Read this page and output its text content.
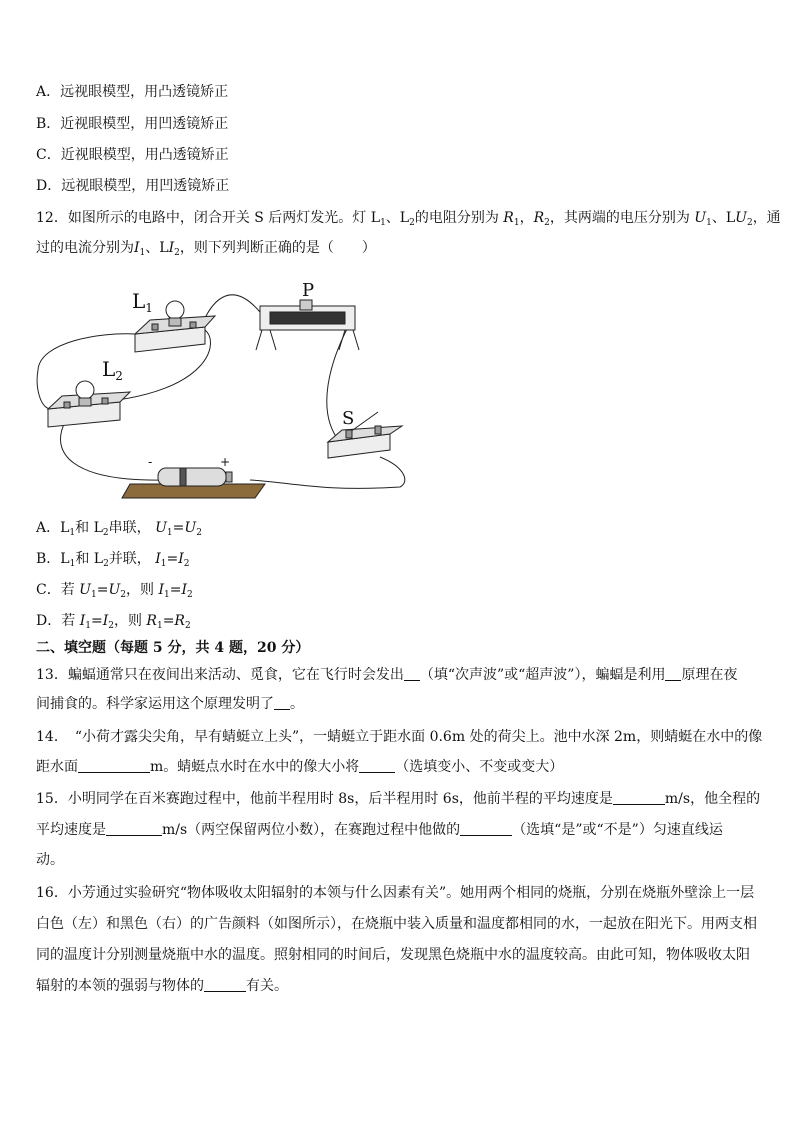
A．远视眼模型，用凸透镜矫正
B．近视眼模型，用凹透镜矫正
C．近视眼模型，用凸透镜矫正
D．远视眼模型，用凹透镜矫正
12．如图所示的电路中，闭合开关 S 后两灯发光。灯 $L_1$、$L_2$的电阻分别为 $R_1$，$R_2$，其两端的电压分别为 $U_1$、$LU_2$，通
过的电流分别为$I_1$、$LI_2$，则下列判断正确的是（　　）
$L_1$
$L_2$
P
S
-	+
A．$L_1$和 $L_2$串联， $U_1=U_2$
B．$L_1$和 $L_2$并联， $I_1=I_2$
C．若 $U_1=U_2$，则 $I_1=I_2$
D．若 $I_1=I_2$，则 $R_1=R_2$
二、填空题（每题 5 分，共 4 题，20 分）
13．蝙蝠通常只在夜间出来活动、觅食，它在飞行时会发出 （填“次声波”或“超声波”），蝙蝠是利用 原理在夜
间捕食的。科学家运用这个原理发明了 。
14．　“小荷才露尖尖角，早有蜻蜓立上头”，一蜻蜓立于距水面 0.6m 处的荷尖上。池中水深 2m，则蜻蜓在水中的像
距水面	m。蜻蜓点水时在水中的像大小将	（选填变小、不变或变大）
15．小明同学在百米赛跑过程中，他前半程用时 8s，后半程用时 6s，他前半程的平均速度是	m/s，他全程的
平均速度是	m/s（两空保留两位小数），在赛跑过程中他做的	（选填“是”或“不是”）匀速直线运
动。
16．小芳通过实验研究“物体吸收太阳辐射的本领与什么因素有关”。她用两个相同的烧瓶，分别在烧瓶外壁涂上一层
白色（左）和黑色（右）的广告颜料（如图所示），在烧瓶中装入质量和温度都相同的水，一起放在阳光下。用两支相
同的温度计分别测量烧瓶中水的温度。照射相同的时间后，发现黑色烧瓶中水的温度较高。由此可知，物体吸收太阳
辐射的本领的强弱与物体的	有关。
